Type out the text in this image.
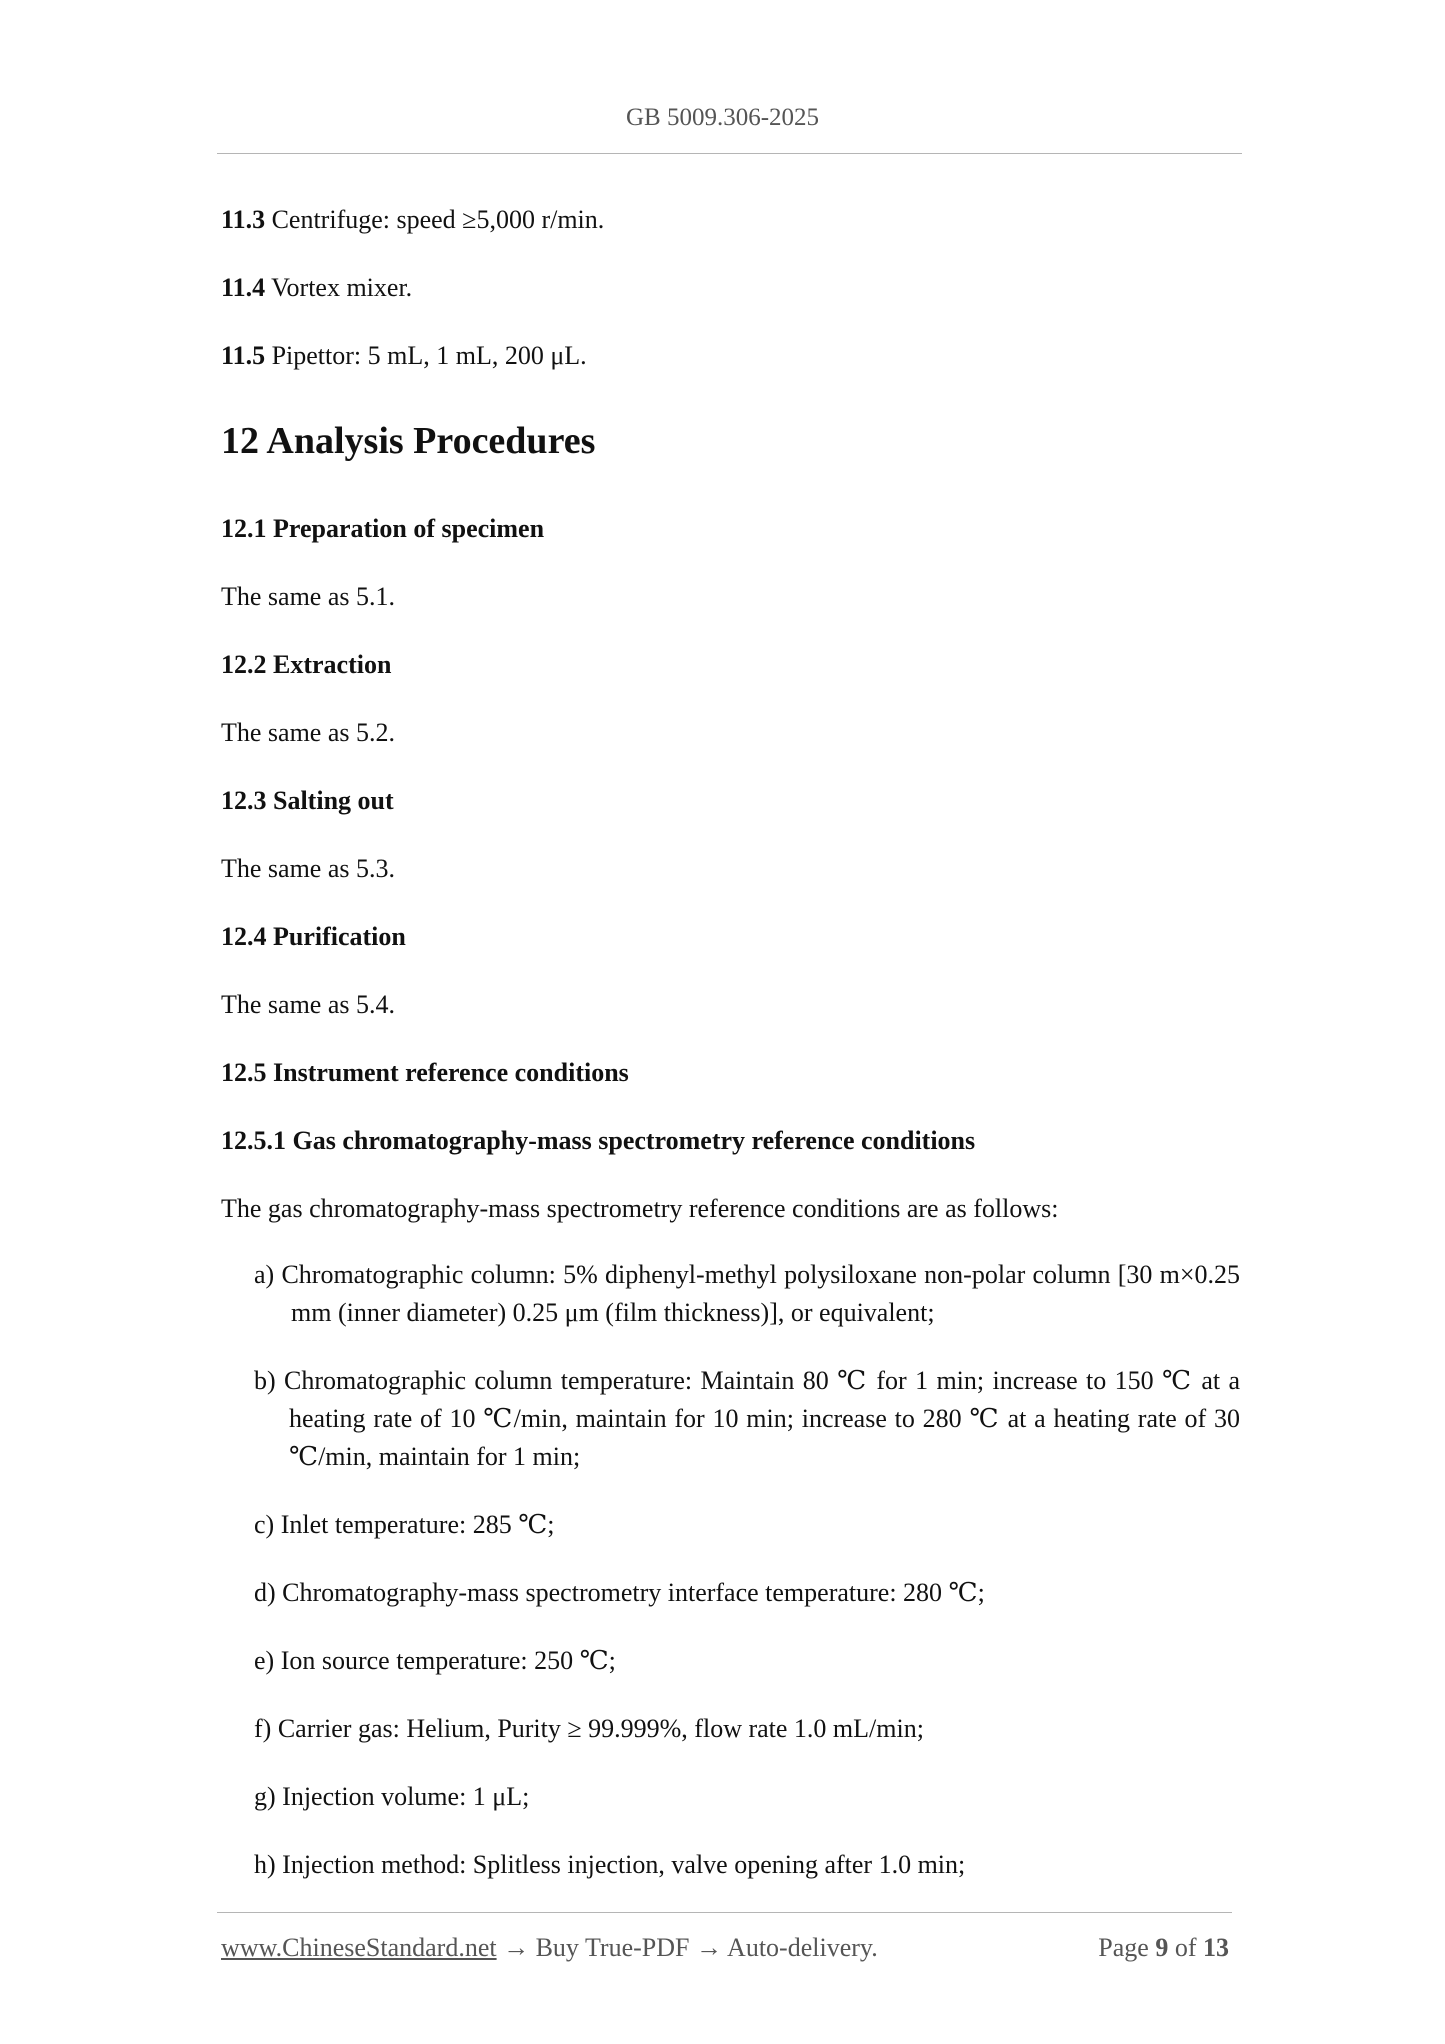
GB 5009.306-2025
11.3 Centrifuge: speed ≥5,000 r/min.
11.4 Vortex mixer.
11.5 Pipettor: 5 mL, 1 mL, 200 μL.
12 Analysis Procedures
12.1 Preparation of specimen
The same as 5.1.
12.2 Extraction
The same as 5.2.
12.3 Salting out
The same as 5.3.
12.4 Purification
The same as 5.4.
12.5 Instrument reference conditions
12.5.1 Gas chromatography-mass spectrometry reference conditions
The gas chromatography-mass spectrometry reference conditions are as follows:
a) Chromatographic column: 5% diphenyl-methyl polysiloxane non-polar column [30 m×0.25 mm (inner diameter) 0.25 μm (film thickness)], or equivalent;
b) Chromatographic column temperature: Maintain 80 ℃ for 1 min; increase to 150 ℃ at a heating rate of 10 ℃/min, maintain for 10 min; increase to 280 ℃ at a heating rate of 30 ℃/min, maintain for 1 min;
c) Inlet temperature: 285 ℃;
d) Chromatography-mass spectrometry interface temperature: 280 ℃;
e) Ion source temperature: 250 ℃;
f) Carrier gas: Helium, Purity ≥ 99.999%, flow rate 1.0 mL/min;
g) Injection volume: 1 μL;
h) Injection method: Splitless injection, valve opening after 1.0 min;
www.ChineseStandard.net → Buy True-PDF → Auto-delivery.	Page 9 of 13
